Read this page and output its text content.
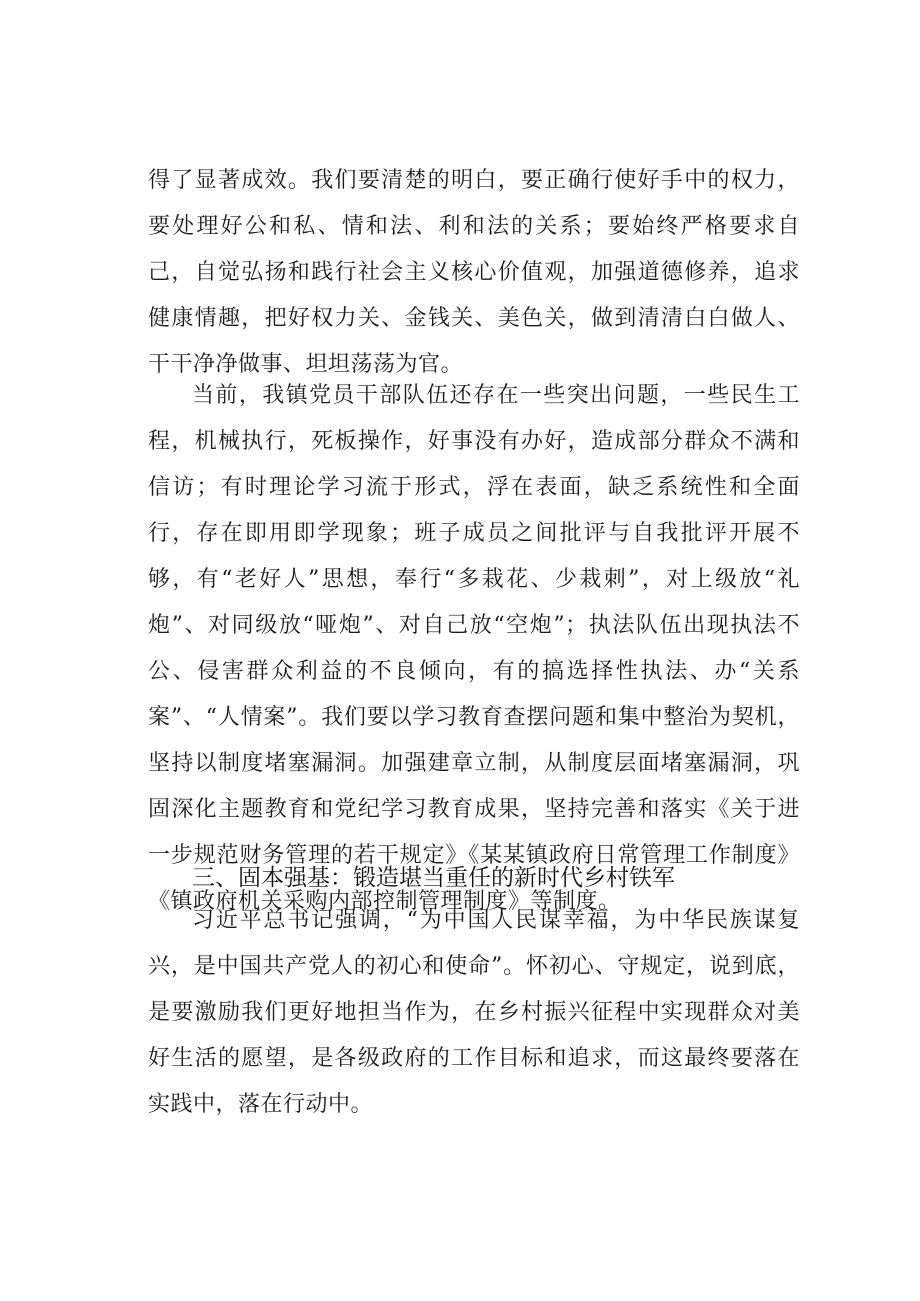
得了显著成效。我们要清楚的明白，要正确行使好手中的权力，要处理好公和私、情和法、利和法的关系；要始终严格要求自己，自觉弘扬和践行社会主义核心价值观，加强道德修养，追求健康情趣，把好权力关、金钱关、美色关，做到清清白白做人、干干净净做事、坦坦荡荡为官。

当前，我镇党员干部队伍还存在一些突出问题，一些民生工程，机械执行，死板操作，好事没有办好，造成部分群众不满和信访；有时理论学习流于形式，浮在表面，缺乏系统性和全面行，存在即用即学现象；班子成员之间批评与自我批评开展不够，有“老好人”思想，奉行“多栽花、少栽刺”，对上级放“礼炮”、对同级放“哑炮”、对自己放“空炮”；执法队伍出现执法不公、侵害群众利益的不良倾向，有的搞选择性执法、办“关系案”、“人情案”。我们要以学习教育查摆问题和集中整治为契机，坚持以制度堵塞漏洞。加强建章立制，从制度层面堵塞漏洞，巩固深化主题教育和党纪学习教育成果，坚持完善和落实《关于进一步规范财务管理的若干规定》《某某镇政府日常管理工作制度》《镇政府机关采购内部控制管理制度》等制度。

三、固本强基：锻造堪当重任的新时代乡村铁军

习近平总书记强调，“为中国人民谋幸福，为中华民族谋复兴，是中国共产党人的初心和使命”。怀初心、守规定，说到底，是要激励我们更好地担当作为，在乡村振兴征程中实现群众对美好生活的愿望，是各级政府的工作目标和追求，而这最终要落在实践中，落在行动中。
